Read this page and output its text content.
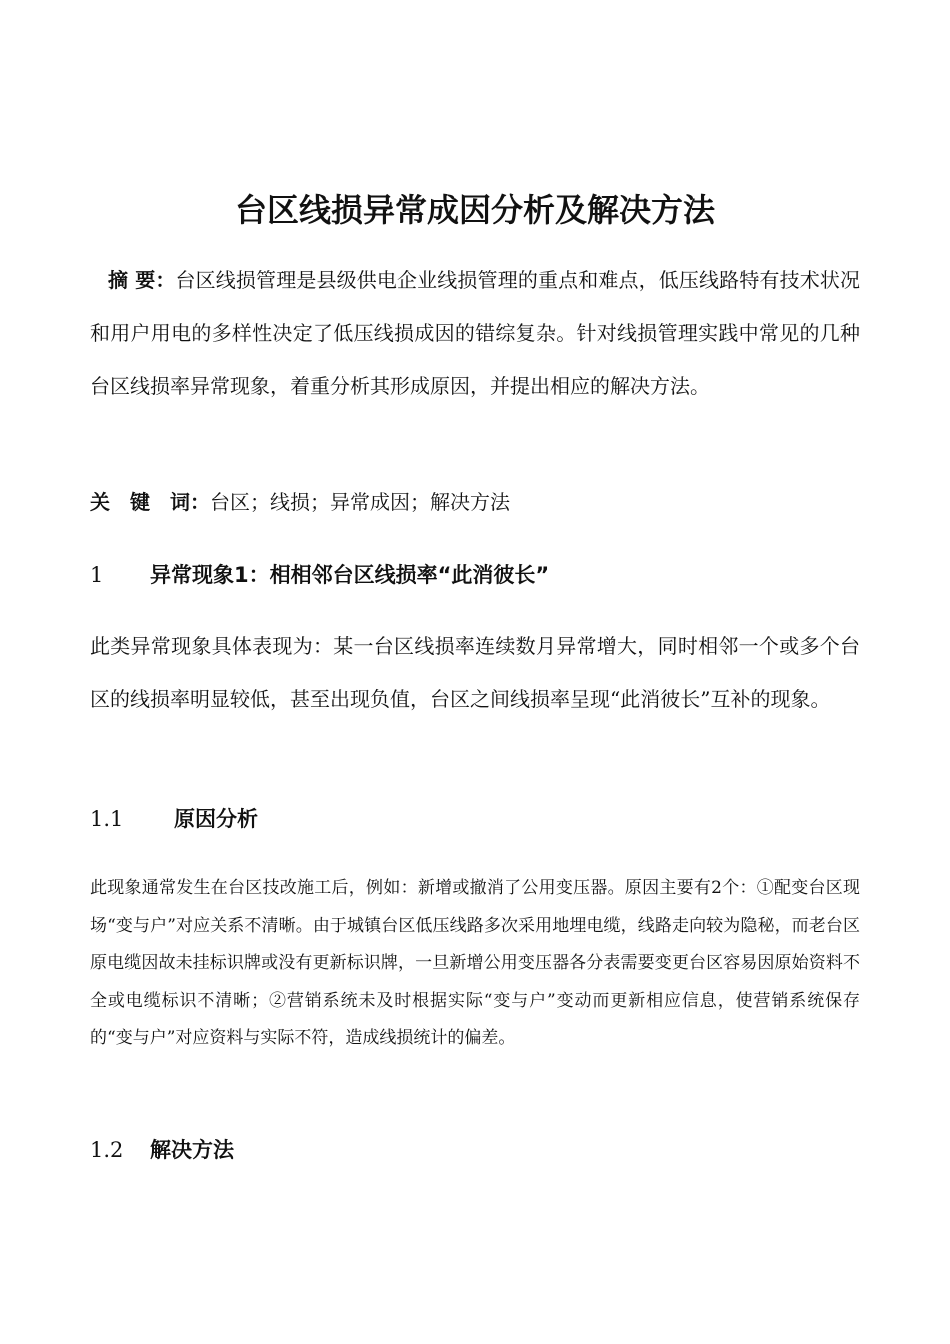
台区线损异常成因分析及解决方法
摘 要：台区线损管理是县级供电企业线损管理的重点和难点，低压线路特有技术状况和用户用电的多样性决定了低压线损成因的错综复杂。针对线损管理实践中常见的几种台区线损率异常现象，着重分析其形成原因，并提出相应的解决方法。
关　键　词：台区；线损；异常成因；解决方法
1 异常现象1：相相邻台区线损率“此消彼长”
此类异常现象具体表现为：某一台区线损率连续数月异常增大，同时相邻一个或多个台区的线损率明显较低，甚至出现负值，台区之间线损率呈现“此消彼长”互补的现象。
1.1 原因分析
此现象通常发生在台区技改施工后，例如：新增或撤消了公用变压器。原因主要有2个：①配变台区现场“变与户”对应关系不清晰。由于城镇台区低压线路多次采用地埋电缆，线路走向较为隐秘，而老台区原电缆因故未挂标识牌或没有更新标识牌，一旦新增公用变压器各分表需要变更台区容易因原始资料不全或电缆标识不清晰；②营销系统未及时根据实际“变与户”变动而更新相应信息，使营销系统保存的“变与户”对应资料与实际不符，造成线损统计的偏差。
1.2 解决方法
